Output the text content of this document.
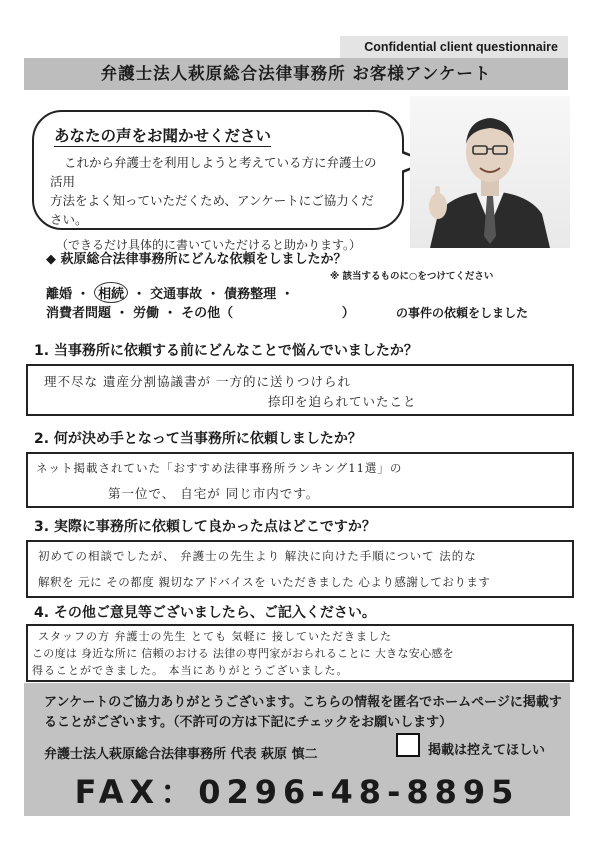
Confidential client questionnaire
弁護士法人萩原総合法律事務所 お客様アンケート
あなたの声をお聞かせください

これから弁護士を利用しようと考えている方に弁護士の活用

方法をよく知っていただくため、アンケートにご協力ください。

（できるだけ具体的に書いていただけると助かります。）

◆ 萩原総合法律事務所にどんな依頼をしましたか？
※ 該当するものに○をつけてください
離婚 ・ 相続 ・ 交通事故 ・ 債務整理 ・
消費者問題 ・ 労働 ・ その他（                        ）	の事件の依頼をしました
1. 当事務所に依頼する前にどんなことで悩んでいましたか？
理不尽な 遺産分割協議書が 一方的に送りつけられ
捺印を迫られていたこと
2. 何が決め手となって当事務所に依頼しましたか？
ネット掲載されていた「おすすめ法律事務所ランキング11選」の
第一位で、 自宅が 同じ市内です。
3. 実際に事務所に依頼して良かった点はどこですか？
初めての相談でしたが、 弁護士の先生より 解決に向けた手順について 法的な
解釈を 元に その都度 親切なアドバイスを いただきました 心より感謝しております
4. その他ご意見等ございましたら、ご記入ください。
スタッフの方 弁護士の先生 とても 気軽に 接していただきました
この度は 身近な所に 信頼のおける 法律の専門家がおられることに 大きな安心感を
得ることができました。 本当にありがとうございました。
アンケートのご協力ありがとうございます。こちらの情報を匿名でホームページに掲載することがございます。（不許可の方は下記にチェックをお願いします）
弁護士法人萩原総合法律事務所 代表 萩原 慎二	掲載は控えてほしい
FAX：0296-48-8895
